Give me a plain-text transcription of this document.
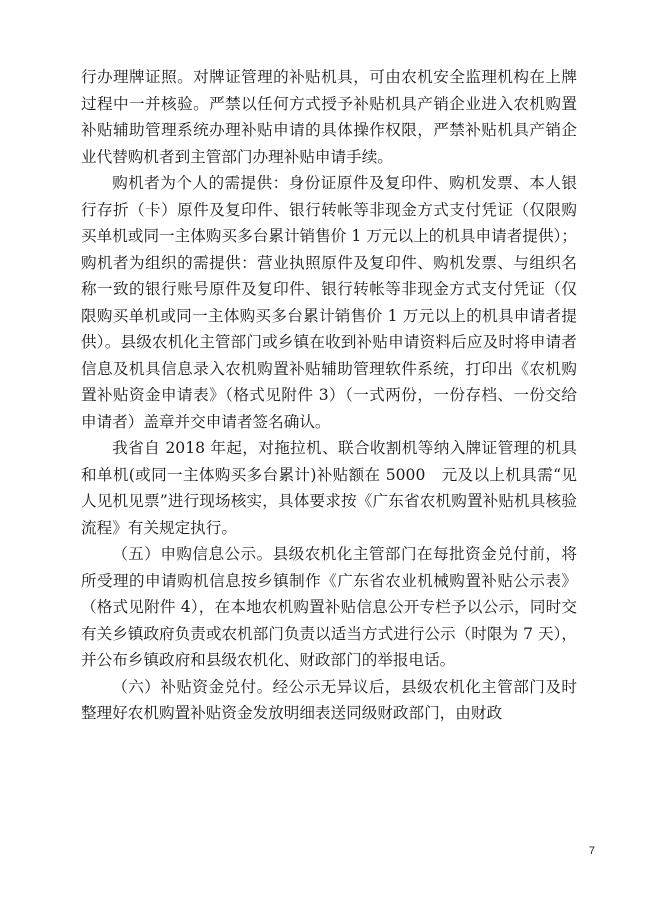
行办理牌证照。对牌证管理的补贴机具，可由农机安全监理机构在上牌过程中一并核验。严禁以任何方式授予补贴机具产销企业进入农机购置补贴辅助管理系统办理补贴申请的具体操作权限，严禁补贴机具产销企业代替购机者到主管部门办理补贴申请手续。

购机者为个人的需提供：身份证原件及复印件、购机发票、本人银行存折（卡）原件及复印件、银行转帐等非现金方式支付凭证（仅限购买单机或同一主体购买多台累计销售价 1 万元以上的机具申请者提供）；购机者为组织的需提供：营业执照原件及复印件、购机发票、与组织名称一致的银行账号原件及复印件、银行转帐等非现金方式支付凭证（仅限购买单机或同一主体购买多台累计销售价 1 万元以上的机具申请者提供）。县级农机化主管部门或乡镇在收到补贴申请资料后应及时将申请者信息及机具信息录入农机购置补贴辅助管理软件系统，打印出《农机购置补贴资金申请表》（格式见附件 3）（一式两份，一份存档、一份交给申请者）盖章并交申请者签名确认。

我省自 2018 年起，对拖拉机、联合收割机等纳入牌证管理的机具和单机(或同一主体购买多台累计)补贴额在 5000　元及以上机具需“见人见机见票”进行现场核实，具体要求按《广东省农机购置补贴机具核验流程》有关规定执行。

（五）申购信息公示。县级农机化主管部门在每批资金兑付前，将所受理的申请购机信息按乡镇制作《广东省农业机械购置补贴公示表》（格式见附件 4），在本地农机购置补贴信息公开专栏予以公示，同时交有关乡镇政府负责或农机部门负责以适当方式进行公示（时限为 7 天），并公布乡镇政府和县级农机化、财政部门的举报电话。

（六）补贴资金兑付。经公示无异议后，县级农机化主管部门及时整理好农机购置补贴资金发放明细表送同级财政部门，由财政

7
